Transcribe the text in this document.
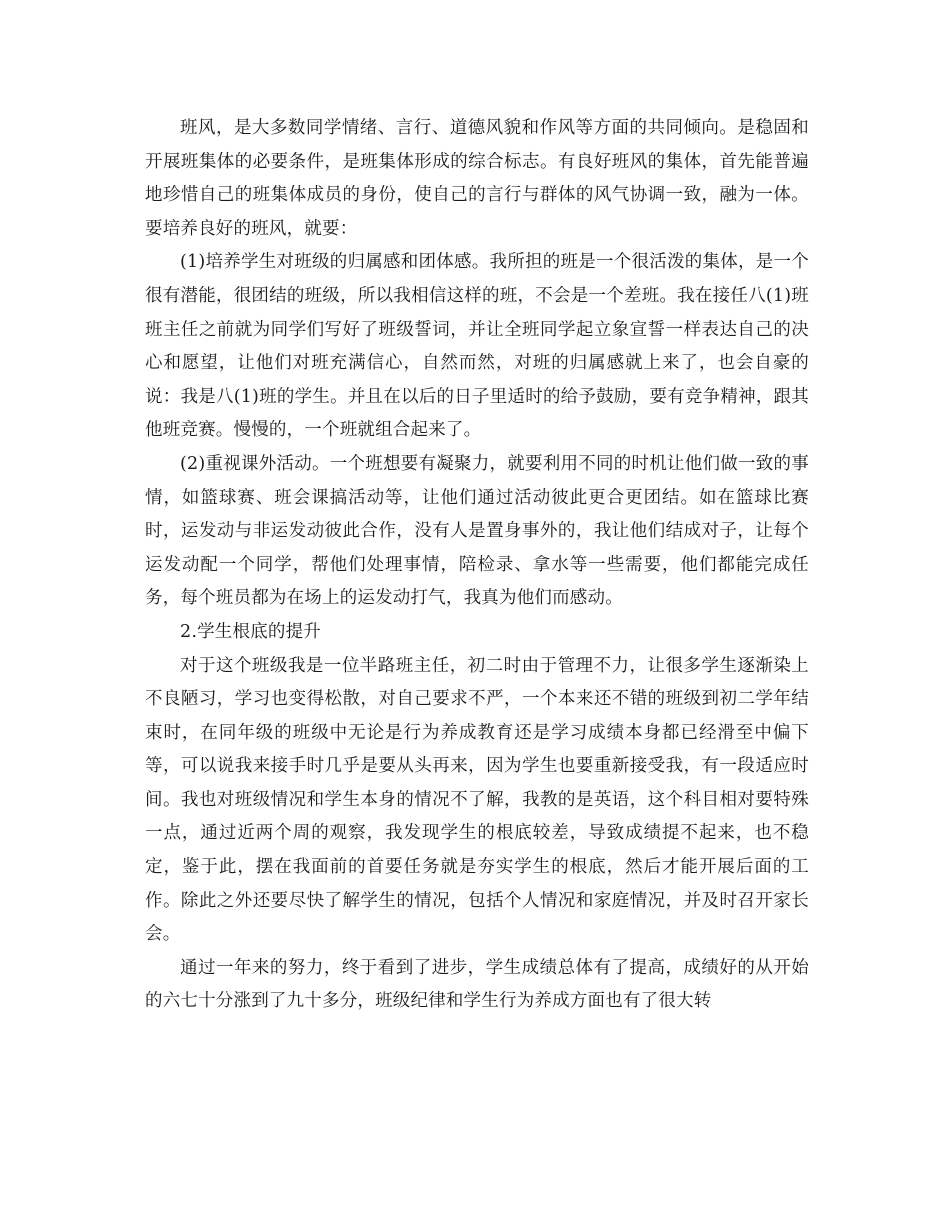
班风，是大多数同学情绪、言行、道德风貌和作风等方面的共同倾向。是稳固和开展班集体的必要条件，是班集体形成的综合标志。有良好班风的集体，首先能普遍地珍惜自己的班集体成员的身份，使自己的言行与群体的风气协调一致，融为一体。要培养良好的班风，就要：

(1)培养学生对班级的归属感和团体感。我所担的班是一个很活泼的集体，是一个很有潜能，很团结的班级，所以我相信这样的班，不会是一个差班。我在接任八(1)班班主任之前就为同学们写好了班级誓词，并让全班同学起立象宣誓一样表达自己的决心和愿望，让他们对班充满信心，自然而然，对班的归属感就上来了，也会自豪的说：我是八(1)班的学生。并且在以后的日子里适时的给予鼓励，要有竞争精神，跟其他班竞赛。慢慢的，一个班就组合起来了。

(2)重视课外活动。一个班想要有凝聚力，就要利用不同的时机让他们做一致的事情，如篮球赛、班会课搞活动等，让他们通过活动彼此更合更团结。如在篮球比赛时，运发动与非运发动彼此合作，没有人是置身事外的，我让他们结成对子，让每个运发动配一个同学，帮他们处理事情，陪检录、拿水等一些需要，他们都能完成任务，每个班员都为在场上的运发动打气，我真为他们而感动。

2.学生根底的提升

对于这个班级我是一位半路班主任，初二时由于管理不力，让很多学生逐渐染上不良陋习，学习也变得松散，对自己要求不严，一个本来还不错的班级到初二学年结束时，在同年级的班级中无论是行为养成教育还是学习成绩本身都已经滑至中偏下等，可以说我来接手时几乎是要从头再来，因为学生也要重新接受我，有一段适应时间。我也对班级情况和学生本身的情况不了解，我教的是英语，这个科目相对要特殊一点，通过近两个周的观察，我发现学生的根底较差，导致成绩提不起来，也不稳定，鉴于此，摆在我面前的首要任务就是夯实学生的根底，然后才能开展后面的工作。除此之外还要尽快了解学生的情况，包括个人情况和家庭情况，并及时召开家长会。

通过一年来的努力，终于看到了进步，学生成绩总体有了提高，成绩好的从开始的六七十分涨到了九十多分，班级纪律和学生行为养成方面也有了很大转
